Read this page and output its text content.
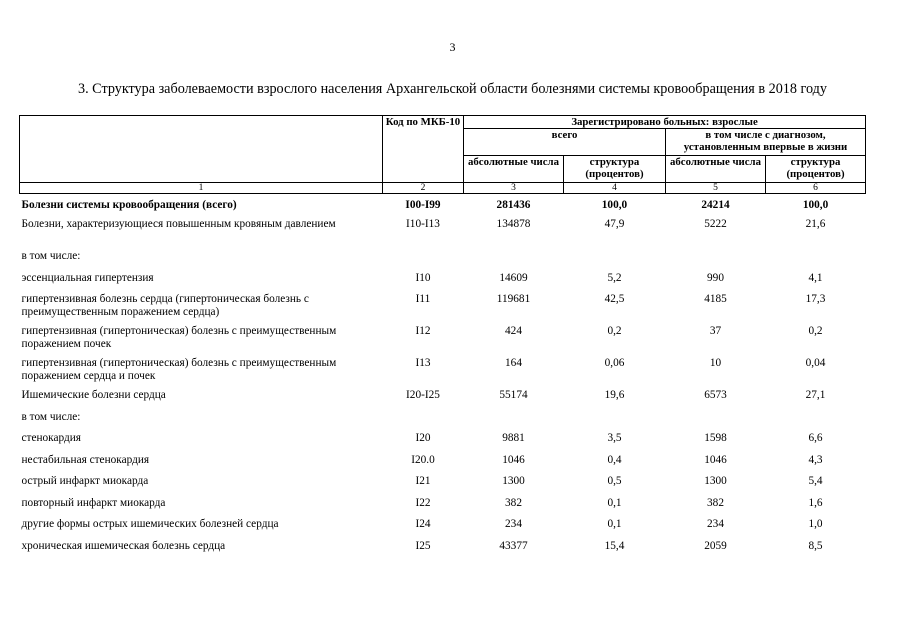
3
3. Структура заболеваемости взрослого населения Архангельской области болезнями системы кровообращения в 2018 году
	Код по МКБ-10	Зарегистрировано больных: взрослые			
		всего		в том числе с диагнозом, установленным впервые в жизни	
		абсолютные числа	структура (процентов)	абсолютные числа	структура (процентов)
1	2	3	4	5	6
Болезни системы кровообращения (всего)	I00-I99	281436	100,0	24214	100,0
Болезни, характеризующиеся повышенным кровяным давлением	I10-I13	134878	47,9	5222	21,6
в том числе:					
эссенциальная гипертензия	I10	14609	5,2	990	4,1
гипертензивная болезнь сердца (гипертоническая болезнь с преимущественным поражением сердца)	I11	119681	42,5	4185	17,3
гипертензивная (гипертоническая) болезнь с преимущественным поражением почек	I12	424	0,2	37	0,2
гипертензивная (гипертоническая) болезнь с преимущественным поражением сердца и почек	I13	164	0,06	10	0,04
Ишемические болезни сердца	I20-I25	55174	19,6	6573	27,1
в том числе:					
стенокардия	I20	9881	3,5	1598	6,6
нестабильная стенокардия	I20.0	1046	0,4	1046	4,3
острый инфаркт миокарда	I21	1300	0,5	1300	5,4
повторный инфаркт миокарда	I22	382	0,1	382	1,6
другие формы острых ишемических болезней сердца	I24	234	0,1	234	1,0
хроническая ишемическая болезнь сердца	I25	43377	15,4	2059	8,5
